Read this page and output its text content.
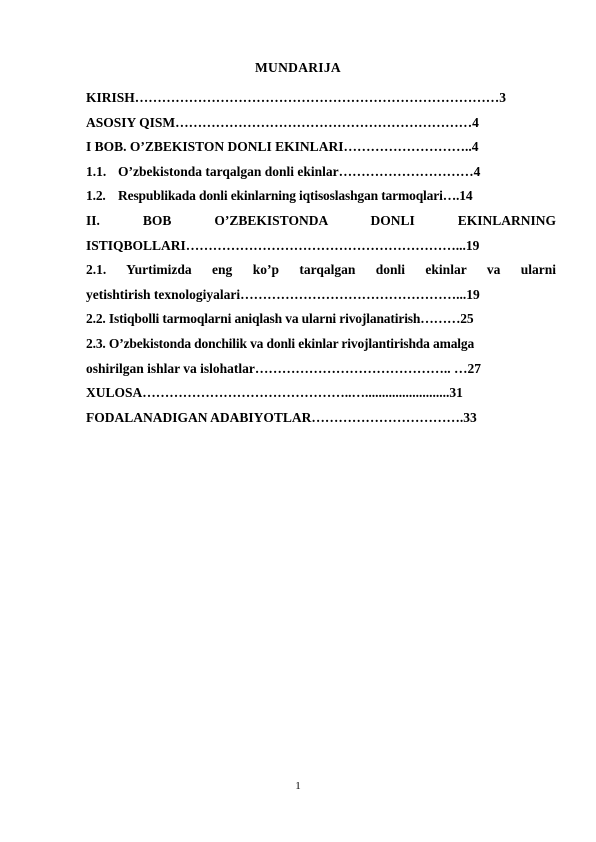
MUNDARIJA
KIRISH………………………………………………………………………3
ASOSIY QISM…………………………………………………………4
I BOB. O’ZBEKISTON DONLI EKINLARI………………………..4
1.1. O’zbekistonda tarqalgan donli ekinlar…………………………4
1.2. Respublikada donli ekinlarning iqtisoslashgan tarmoqlari….14
II. BOB O’ZBEKISTONDA DONLI EKINLARNING
ISTIQBOLLARI……………………………………………………...19
2.1. Yurtimizda eng ko’p tarqalgan donli ekinlar va ularni
yetishtirish texnologiyalari…………………………………………...19
2.2. Istiqbolli tarmoqlarni aniqlash va ularni rivojlanatirish………25
2.3. O’zbekistonda donchilik va donli ekinlar rivojlantirishda amalga
oshirilgan ishlar va islohatlar…………………………………….. …27
XULOSA………………………………………..….........................31
FODALANADIGAN ADABIYOTLAR…………………………….33
1
